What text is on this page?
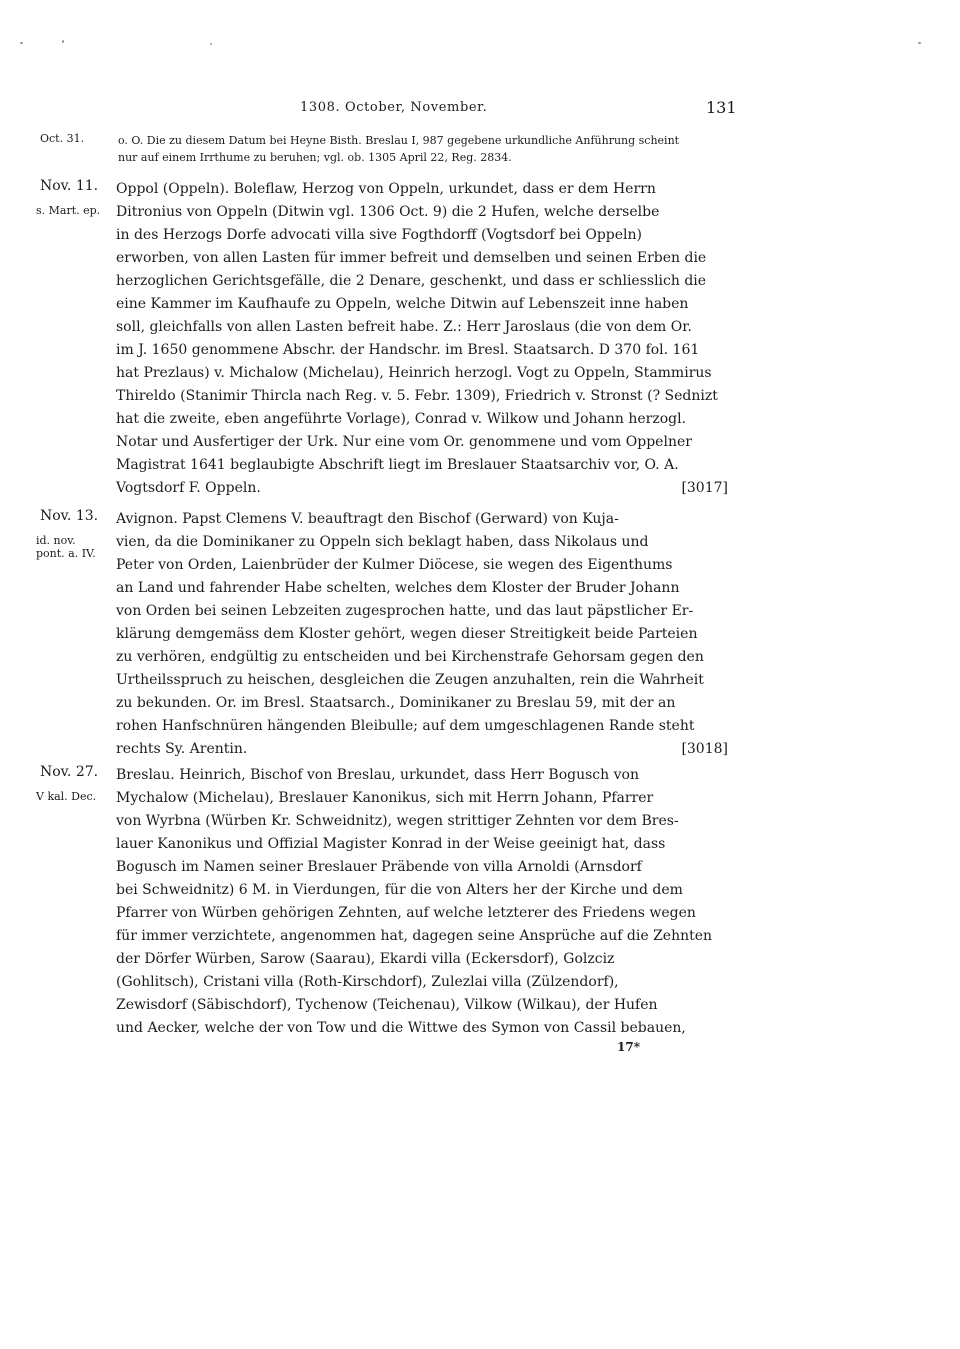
1308. October, November.	131
Oct. 31.	o. O. Die zu diesem Datum bei Heyne Bisth. Breslau I, 987 gegebene urkundliche Anführung scheint
nur auf einem Irrthume zu beruhen; vgl. ob. 1305 April 22, Reg. 2834.
Nov. 11.
s. Mart. ep.
Oppol (Oppeln). Boleflaw, Herzog von Oppeln, urkundet, dass er dem Herrn
Ditronius von Oppeln (Ditwin vgl. 1306 Oct. 9) die 2 Hufen, welche derselbe
in des Herzogs Dorfe advocati villa sive Fogthdorff (Vogtsdorf bei Oppeln)
erworben, von allen Lasten für immer befreit und demselben und seinen Erben die
herzoglichen Gerichtsgefälle, die 2 Denare, geschenkt, und dass er schliesslich die
eine Kammer im Kaufhaufe zu Oppeln, welche Ditwin auf Lebenszeit inne haben
soll, gleichfalls von allen Lasten befreit habe. Z.: Herr Jaroslaus (die von dem Or.
im J. 1650 genommene Abschr. der Handschr. im Bresl. Staatsarch. D 370 fol. 161
hat Prezlaus) v. Michalow (Michelau), Heinrich herzogl. Vogt zu Oppeln, Stammirus
Thireldo (Stanimir Thircla nach Reg. v. 5. Febr. 1309), Friedrich v. Stronst (? Sednizt
hat die zweite, eben angeführte Vorlage), Conrad v. Wilkow und Johann herzogl.
Notar und Ausfertiger der Urk. Nur eine vom Or. genommene und vom Oppelner
Magistrat 1641 beglaubigte Abschrift liegt im Breslauer Staatsarchiv vor, O. A.
Vogtsdorf F. Oppeln.	[3017]
Nov. 13.
id. nov. pont. a. IV.
Avignon. Papst Clemens V. beauftragt den Bischof (Gerward) von Kuja-
vien, da die Dominikaner zu Oppeln sich beklagt haben, dass Nikolaus und
Peter von Orden, Laienbrüder der Kulmer Diöcese, sie wegen des Eigenthums
an Land und fahrender Habe schelten, welches dem Kloster der Bruder Johann
von Orden bei seinen Lebzeiten zugesprochen hatte, und das laut päpstlicher Er-
klärung demgemäss dem Kloster gehört, wegen dieser Streitigkeit beide Parteien
zu verhören, endgültig zu entscheiden und bei Kirchenstrafe Gehorsam gegen den
Urtheilsspruch zu heischen, desgleichen die Zeugen anzuhalten, rein die Wahrheit
zu bekunden. Or. im Bresl. Staatsarch., Dominikaner zu Breslau 59, mit der an
rohen Hanfschnüren hängenden Bleibulle; auf dem umgeschlagenen Rande steht
rechts Sy. Arentin.	[3018]
Nov. 27.
V kal. Dec.
Breslau. Heinrich, Bischof von Breslau, urkundet, dass Herr Bogusch von
Mychalow (Michelau), Breslauer Kanonikus, sich mit Herrn Johann, Pfarrer
von Wyrbna (Würben Kr. Schweidnitz), wegen strittiger Zehnten vor dem Bres-
lauer Kanonikus und Offizial Magister Konrad in der Weise geeinigt hat, dass
Bogusch im Namen seiner Breslauer Präbende von villa Arnoldi (Arnsdorf
bei Schweidnitz) 6 M. in Vierdungen, für die von Alters her der Kirche und dem
Pfarrer von Würben gehörigen Zehnten, auf welche letzterer des Friedens wegen
für immer verzichtete, angenommen hat, dagegen seine Ansprüche auf die Zehnten
der Dörfer Würben, Sarow (Saarau), Ekardi villa (Eckersdorf), Golzciz
(Gohlitsch), Cristani villa (Roth-Kirschdorf), Zulezlai villa (Zülzendorf),
Zewisdorf (Säbischdorf), Tychenow (Teichenau), Vilkow (Wilkau), der Hufen
und Aecker, welche der von Tow und die Wittwe des Symon von Cassil bebauen,
17*
